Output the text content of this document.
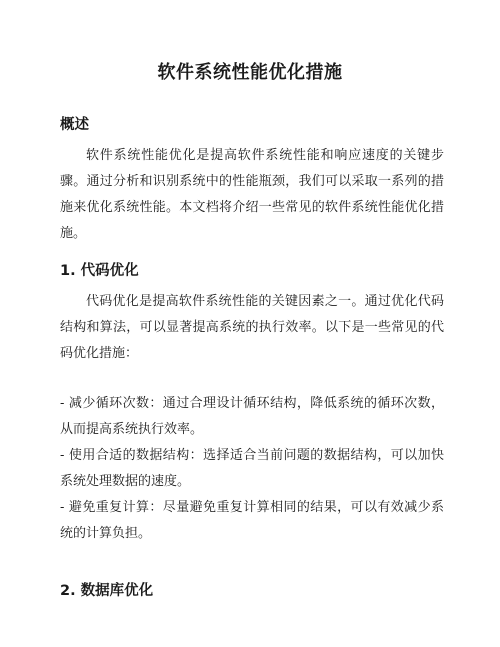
软件系统性能优化措施
概述

软件系统性能优化是提高软件系统性能和响应速度的关键步骤。通过分析和识别系统中的性能瓶颈，我们可以采取一系列的措施来优化系统性能。本文档将介绍一些常见的软件系统性能优化措施。

1. 代码优化

代码优化是提高软件系统性能的关键因素之一。通过优化代码结构和算法，可以显著提高系统的执行效率。以下是一些常见的代码优化措施：

- 减少循环次数：通过合理设计循环结构，降低系统的循环次数，从而提高系统执行效率。

- 使用合适的数据结构：选择适合当前问题的数据结构，可以加快系统处理数据的速度。

- 避免重复计算：尽量避免重复计算相同的结果，可以有效减少系统的计算负担。

2. 数据库优化
